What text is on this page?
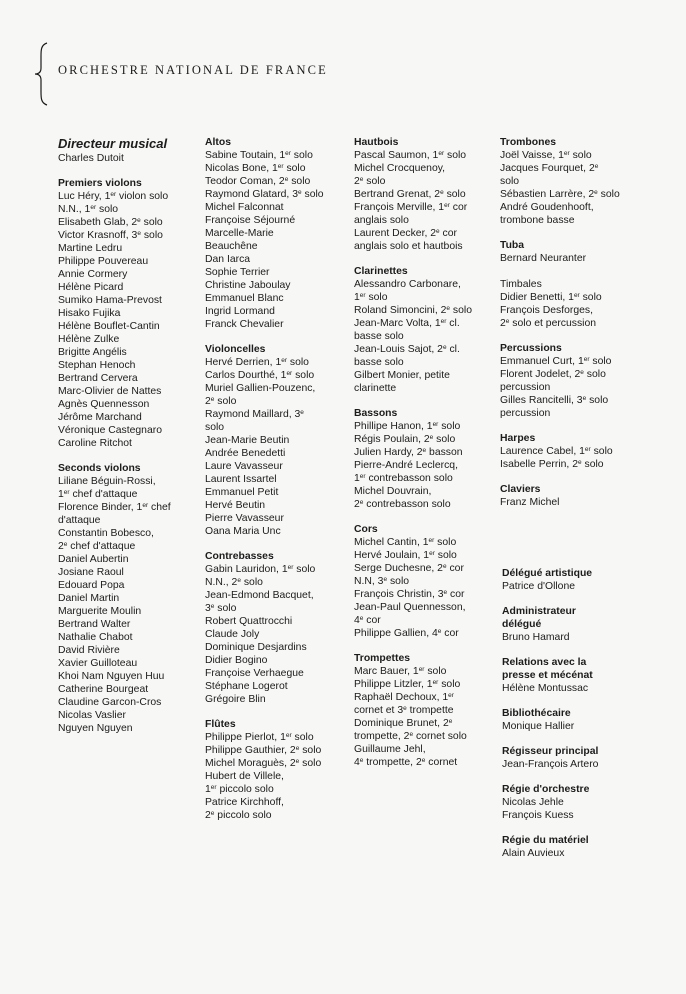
ORCHESTRE NATIONAL DE FRANCE
Directeur musical
Charles Dutoit
Premiers violons
Luc Héry, 1er violon solo
N.N., 1er solo
Elisabeth Glab, 2e solo
Victor Krasnoff, 3e solo
Martine Ledru
Philippe Pouvereau
Annie Cormery
Hélène Picard
Sumiko Hama-Prevost
Hisako Fujika
Hélène Bouflet-Cantin
Hélène Zulke
Brigitte Angélis
Stephan Henoch
Bertrand Cervera
Marc-Olivier de Nattes
Agnès Quennesson
Jérôme Marchand
Véronique Castegnaro
Caroline Ritchot
Seconds violons
Liliane Béguin-Rossi,
1er chef d'attaque
Florence Binder, 1er chef
d'attaque
Constantin Bobesco,
2e chef d'attaque
Daniel Aubertin
Josiane Raoul
Edouard Popa
Daniel Martin
Marguerite Moulin
Bertrand Walter
Nathalie Chabot
David Rivière
Xavier Guilloteau
Khoi Nam Nguyen Huu
Catherine Bourgeat
Claudine Garcon-Cros
Nicolas Vaslier
Nguyen Nguyen
Altos
Sabine Toutain, 1er solo
Nicolas Bone, 1er solo
Teodor Coman, 2e solo
Raymond Glatard, 3e solo
Michel Falconnat
Françoise Séjourné
Marcelle-Marie
Beauchêne
Dan Iarca
Sophie Terrier
Christine Jaboulay
Emmanuel Blanc
Ingrid Lormand
Franck Chevalier
Violoncelles
Hervé Derrien, 1er solo
Carlos Dourthé, 1er solo
Muriel Gallien-Pouzenc,
2e solo
Raymond Maillard, 3e
solo
Jean-Marie Beutin
Andrée Benedetti
Laure Vavasseur
Laurent Issartel
Emmanuel Petit
Hervé Beutin
Pierre Vavasseur
Oana Maria Unc
Contrebasses
Gabin Lauridon, 1er solo
N.N., 2e solo
Jean-Edmond Bacquet,
3e solo
Robert Quattrocchi
Claude Joly
Dominique Desjardins
Didier Bogino
Françoise Verhaegue
Stéphane Logerot
Grégoire Blin
Flûtes
Philippe Pierlot, 1er solo
Philippe Gauthier, 2e solo
Michel Moraguès, 2e solo
Hubert de Villele,
1er piccolo solo
Patrice Kirchhoff,
2e piccolo solo
Hautbois
Pascal Saumon, 1er solo
Michel Crocquenoy,
2e solo
Bertrand Grenat, 2e solo
François Merville, 1er cor
anglais solo
Laurent Decker, 2e cor
anglais solo et hautbois
Clarinettes
Alessandro Carbonare,
1er solo
Roland Simoncini, 2e solo
Jean-Marc Volta, 1er cl.
basse solo
Jean-Louis Sajot, 2e cl.
basse solo
Gilbert Monier, petite
clarinette
Bassons
Phillipe Hanon, 1er solo
Régis Poulain, 2e solo
Julien Hardy, 2e basson
Pierre-André Leclercq,
1er contrebasson solo
Michel Douvrain,
2e contrebasson solo
Cors
Michel Cantin, 1er solo
Hervé Joulain, 1er solo
Serge Duchesne, 2e cor
N.N, 3e solo
François Christin, 3e cor
Jean-Paul Quennesson,
4e cor
Philippe Gallien, 4e cor
Trompettes
Marc Bauer, 1er solo
Philippe Litzler, 1er solo
Raphaël Dechoux, 1er
cornet et 3e trompette
Dominique Brunet, 2e
trompette, 2e cornet solo
Guillaume Jehl,
4e trompette, 2e cornet
Trombones
Joël Vaisse, 1er solo
Jacques Fourquet, 2e
solo
Sébastien Larrère, 2e solo
André Goudenhooft,
trombone basse
Tuba
Bernard Neuranter
Timbales
Didier Benetti, 1er solo
François Desforges,
2e solo et percussion
Percussions
Emmanuel Curt, 1er solo
Florent Jodelet, 2e solo
percussion
Gilles Rancitelli, 3e solo
percussion
Harpes
Laurence Cabel, 1er solo
Isabelle Perrin, 2e solo
Claviers
Franz Michel
Délégué artistique
Patrice d'Ollone
Administrateur
délégué
Bruno Hamard
Relations avec la
presse et mécénat
Hélène Montussac
Bibliothécaire
Monique Hallier
Régisseur principal
Jean-François Artero
Régie d'orchestre
Nicolas Jehle
François Kuess
Régie du matériel
Alain Auvieux
